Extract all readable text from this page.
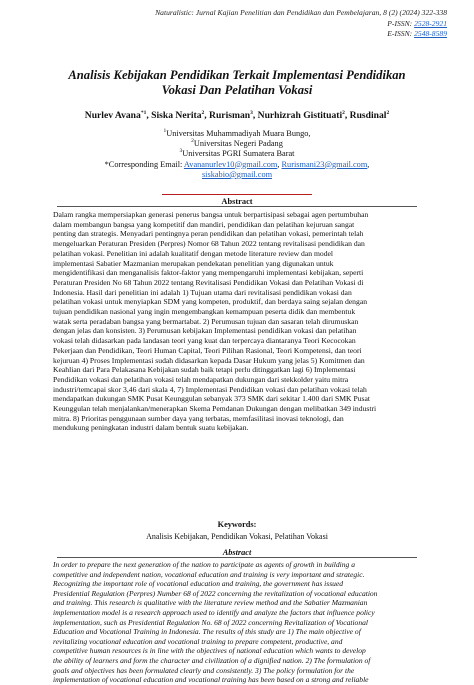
Naturalistic: Jurnal Kajian Penelitian dan Pendidikan dan Pembelajaran, 8 (2) (2024) 322-338
P-ISSN: 2528-2921
E-ISSN: 2548-8589
Analisis Kebijakan Pendidikan Terkait Implementasi Pendidikan
Vokasi Dan Pelatihan Vokasi
Nurlev Avana$^{*1}$, Siska Nerita$^2$, Rurisman$^3$, Nurhizrah Gistituati$^2$, Rusdinal$^2$
$^1$Universitas Muhammadiyah Muara Bungo,
$^2$Universitas Negeri Padang
$^3$Universitas PGRI Sumatera Barat
*Corresponding Email: Avananurlev10@gmail.com, Rurismani23@gmail.com,
siskabio@gmail.com
Abstract
Dalam rangka mempersiapkan generasi penerus bangsa untuk berpartisipasi sebagai agen pertumbuhan
dalam membangun bangsa yang kompetitif dan mandiri, pendidikan dan pelatihan kejuruan sangat
penting dan strategis. Menyadari pentingnya peran pendidikan dan pelatihan vokasi, pemerintah telah
mengeluarkan Peraturan Presiden (Perpres) Nomor 68 Tahun 2022 tentang revitalisasi pendidikan dan
pelatihan vokasi. Penelitian ini adalah kualitatif dengan metode literature review dan model
implementasi Sabatier Mazmanian merupakan pendekatan penelitian yang digunakan untuk
mengidentifikasi dan menganalisis faktor-faktor yang mempengaruhi implementasi kebijakan, seperti
Peraturan Presiden No 68 Tahun 2022 tentang Revitalisasi Pendidikan Vokasi dan Pelatihan Vokasi di
Indonesia. Hasil dari penelitian ini adalah 1) Tujuan utama dari revitalisasi pendidikan vokasi dan
pelatihan vokasi untuk menyiapkan SDM yang kompeten, produktif, dan berdaya saing sejalan dengan
tujuan pendidikan nasional yang ingin mengembangkan kemampuan peserta didik dan membentuk
watak serta peradaban bangsa yang bermartabat. 2) Perumusan tujuan dan sasaran telah dirumuskan
dengan jelas dan konsisten. 3) Perumusan kebijakan Implementasi pendidikan vokasi dan pelatihan
vokasi telah didasarkan pada landasan teori yang kuat dan terpercaya diantaranya Teori Kecocokan
Pekerjaan dan Pendidikan, Teori Human Capital, Teori Pilihan Rasional, Teori Kompetensi, dan teori
kejuruan 4) Proses Implementasi sudah didasarkan kepada Dasar Hukum yang jelas 5) Komitmen dan
Keahlian dari Para Pelakasana Kebijakan sudah baik tetapi perlu ditinggatkan lagi 6) Implementasi
Pendidikan vokasi dan pelatihan vokasi telah mendapatkan dukungan dari stekkolder yaitu mitra
industri/temcapai skor 3,46 dari skala 4, 7) Implementasi Pendidikan vokasi dan pelatihan vokasi telah
mendapatkan dukungan SMK Pusat Keunggulan sebanyak 373 SMK dari sekitar 1.400 dari SMK Pusat
Keunggulan telah menjalankan/menerapkan Skema Pemdanan Dukungan dengan melibatkan 349 industri
mitra. 8) Prioritas penggunaan sumber daya yang terbatas, memfasilitasi inovasi teknologi, dan
mendukung peningkatan industri dalam bentuk suatu kebijakan.
Keywords:
Analisis Kebijakan, Pendidikan Vokasi, Pelatihan Vokasi
Abstract
In order to prepare the next generation of the nation to participate as agents of growth in building a
competitive and independent nation, vocational education and training is very important and strategic.
Recognizing the important role of vocational education and training, the government has issued
Presidential Regulation (Perpres) Number 68 of 2022 concerning the revitalization of vocational education
and training. This research is qualitative with the literature review method and the Sabatier Mazmanian
implementation model is a research approach used to identify and analyze the factors that influence policy
implementation, such as Presidential Regulation No. 68 of 2022 concerning Revitalization of Vocational
Education and Vocational Training in Indonesia. The results of this study are 1) The main objective of
revitalizing vocational education and vocational training to prepare competent, productive, and
competitive human resources is in line with the objectives of national education which wants to develop
the ability of learners and form the character and civilization of a dignified nation. 2) The formulation of
goals and objectives has been formulated clearly and consistently. 3) The policy formulation for the
implementation of vocational education and vocational training has been based on a strong and reliable
